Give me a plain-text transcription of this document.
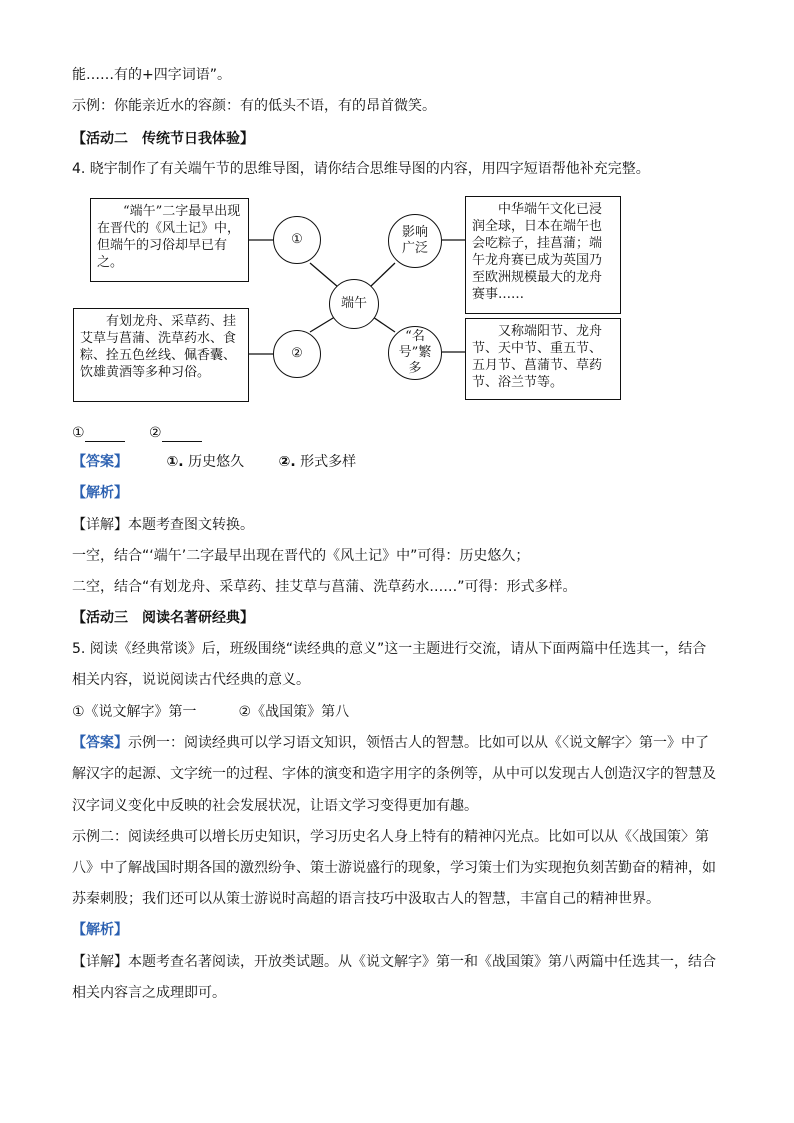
能……有的+四字词语”。
示例：你能亲近水的容颜：有的低头不语，有的昂首微笑。
【活动二　传统节日我体验】
4. 晓宇制作了有关端午节的思维导图，请你结合思维导图的内容，用四字短语帮他补充完整。
“端午”二字最早出现在晋代的《风土记》中，但端午的习俗却早已有之。
有划龙舟、采草药、挂艾草与菖蒲、洗草药水、食粽、拴五色丝线、佩香囊、饮雄黄酒等多种习俗。
中华端午文化已浸润全球，日本在端午也会吃粽子，挂菖蒲；端午龙舟赛已成为英国乃至欧洲规模最大的龙舟赛事……
又称端阳节、龙舟节、天中节、重五节、五月节、菖蒲节、草药节、浴兰节等。
①
②
端午
影响广泛
“名号”繁多
①	②
【答案】	①. 历史悠久 ②. 形式多样
【解析】
【详解】本题考查图文转换。
一空，结合“‘端午’二字最早出现在晋代的《风土记》中”可得：历史悠久；
二空，结合“有划龙舟、采草药、挂艾草与菖蒲、洗草药水……”可得：形式多样。
【活动三　阅读名著研经典】
5. 阅读《经典常谈》后，班级围绕“读经典的意义”这一主题进行交流，请从下面两篇中任选其一，结合
相关内容，说说阅读古代经典的意义。
①《说文解字》第一　　　②《战国策》第八
【答案】示例一：阅读经典可以学习语文知识，领悟古人的智慧。比如可以从《〈说文解字〉第一》中了
解汉字的起源、文字统一的过程、字体的演变和造字用字的条例等，从中可以发现古人创造汉字的智慧及
汉字词义变化中反映的社会发展状况，让语文学习变得更加有趣。
示例二：阅读经典可以增长历史知识，学习历史名人身上特有的精神闪光点。比如可以从《〈战国策〉第
八》中了解战国时期各国的激烈纷争、策士游说盛行的现象，学习策士们为实现抱负刻苦勤奋的精神，如
苏秦刺股；我们还可以从策士游说时高超的语言技巧中汲取古人的智慧，丰富自己的精神世界。
【解析】
【详解】本题考查名著阅读，开放类试题。从《说文解字》第一和《战国策》第八两篇中任选其一，结合
相关内容言之成理即可。
